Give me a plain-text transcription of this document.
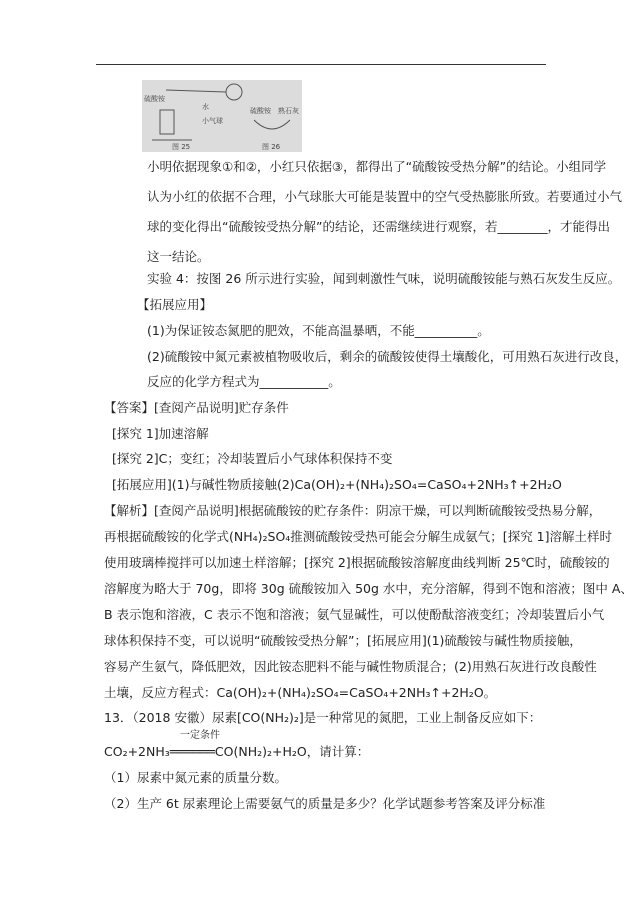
图 25	图 26
硫酸铵
水
小气球
硫酸铵 熟石灰
小明依据现象①和②，小红只依据③，都得出了“硫酸铵受热分解”的结论。小组同学
认为小红的依据不合理，小气球胀大可能是装置中的空气受热膨胀所致。若要通过小气
球的变化得出“硫酸铵受热分解”的结论，还需继续进行观察，若________，才能得出
这一结论。
实验 4：按图 26 所示进行实验，闻到刺激性气味，说明硫酸铵能与熟石灰发生反应。
【拓展应用】
(1)为保证铵态氮肥的肥效，不能高温暴晒，不能__________。
(2)硫酸铵中氮元素被植物吸收后，剩余的硫酸铵使得土壤酸化，可用熟石灰进行改良，
反应的化学方程式为___________。
【答案】[查阅产品说明]贮存条件
[探究 1]加速溶解
[探究 2]C；变红；冷却装置后小气球体积保持不变
[拓展应用](1)与碱性物质接触(2)Ca(OH)₂+(NH₄)₂SO₄=CaSO₄+2NH₃↑+2H₂O
【解析】[查阅产品说明]根据硫酸铵的贮存条件：阴凉干燥，可以判断硫酸铵受热易分解，
再根据硫酸铵的化学式(NH₄)₂SO₄推测硫酸铵受热可能会分解生成氨气；[探究 1]溶解土样时
使用玻璃棒搅拌可以加速土样溶解；[探究 2]根据硫酸铵溶解度曲线判断 25℃时，硫酸铵的
溶解度为略大于 70g，即将 30g 硫酸铵加入 50g 水中，充分溶解，得到不饱和溶液；图中 A、
B 表示饱和溶液，C 表示不饱和溶液；氨气显碱性，可以使酚酞溶液变红；冷却装置后小气
球体积保持不变，可以说明“硫酸铵受热分解”；[拓展应用](1)硫酸铵与碱性物质接触，
容易产生氨气，降低肥效，因此铵态肥料不能与碱性物质混合；(2)用熟石灰进行改良酸性
土壤，反应方程式：Ca(OH)₂+(NH₄)₂SO₄=CaSO₄+2NH₃↑+2H₂O。
13．（2018 安徽）尿素[CO(NH₂)₂]是一种常见的氮肥，工业上制备反应如下：
一定条件
CO₂+2NH₃══════CO(NH₂)₂+H₂O，请计算：
（1）尿素中氮元素的质量分数。
（2）生产 6t 尿素理论上需要氨气的质量是多少？化学试题参考答案及评分标准
